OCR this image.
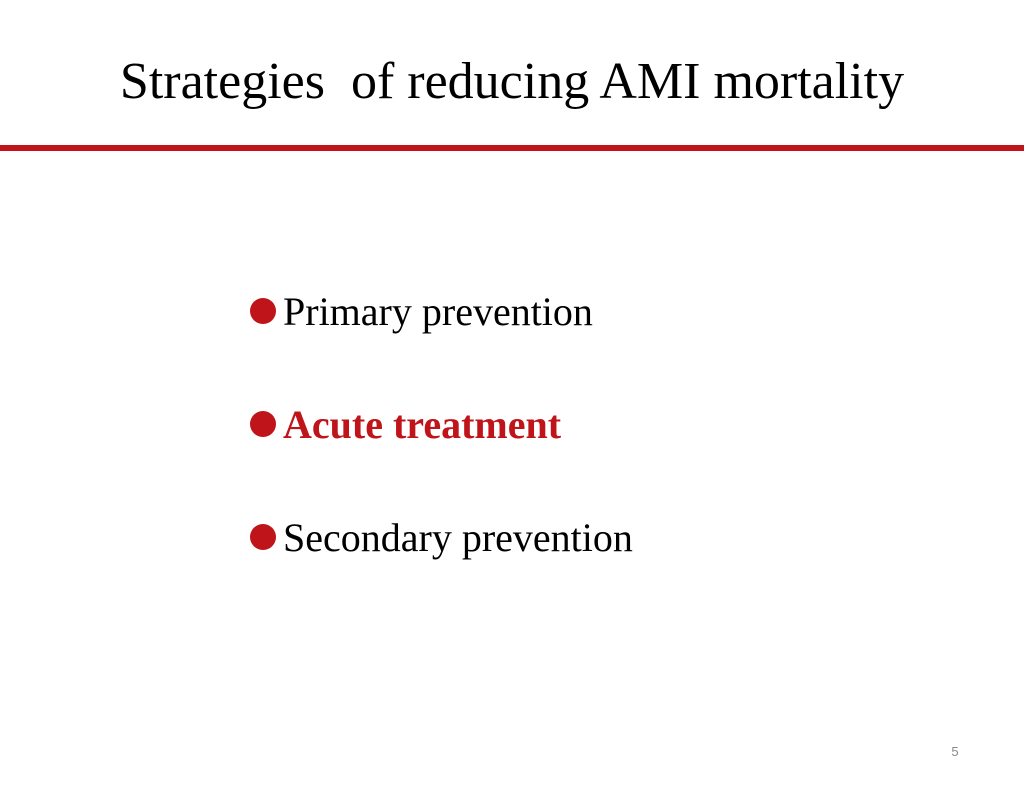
Strategies  of reducing AMI mortality
Primary prevention
Acute treatment
Secondary prevention
5
